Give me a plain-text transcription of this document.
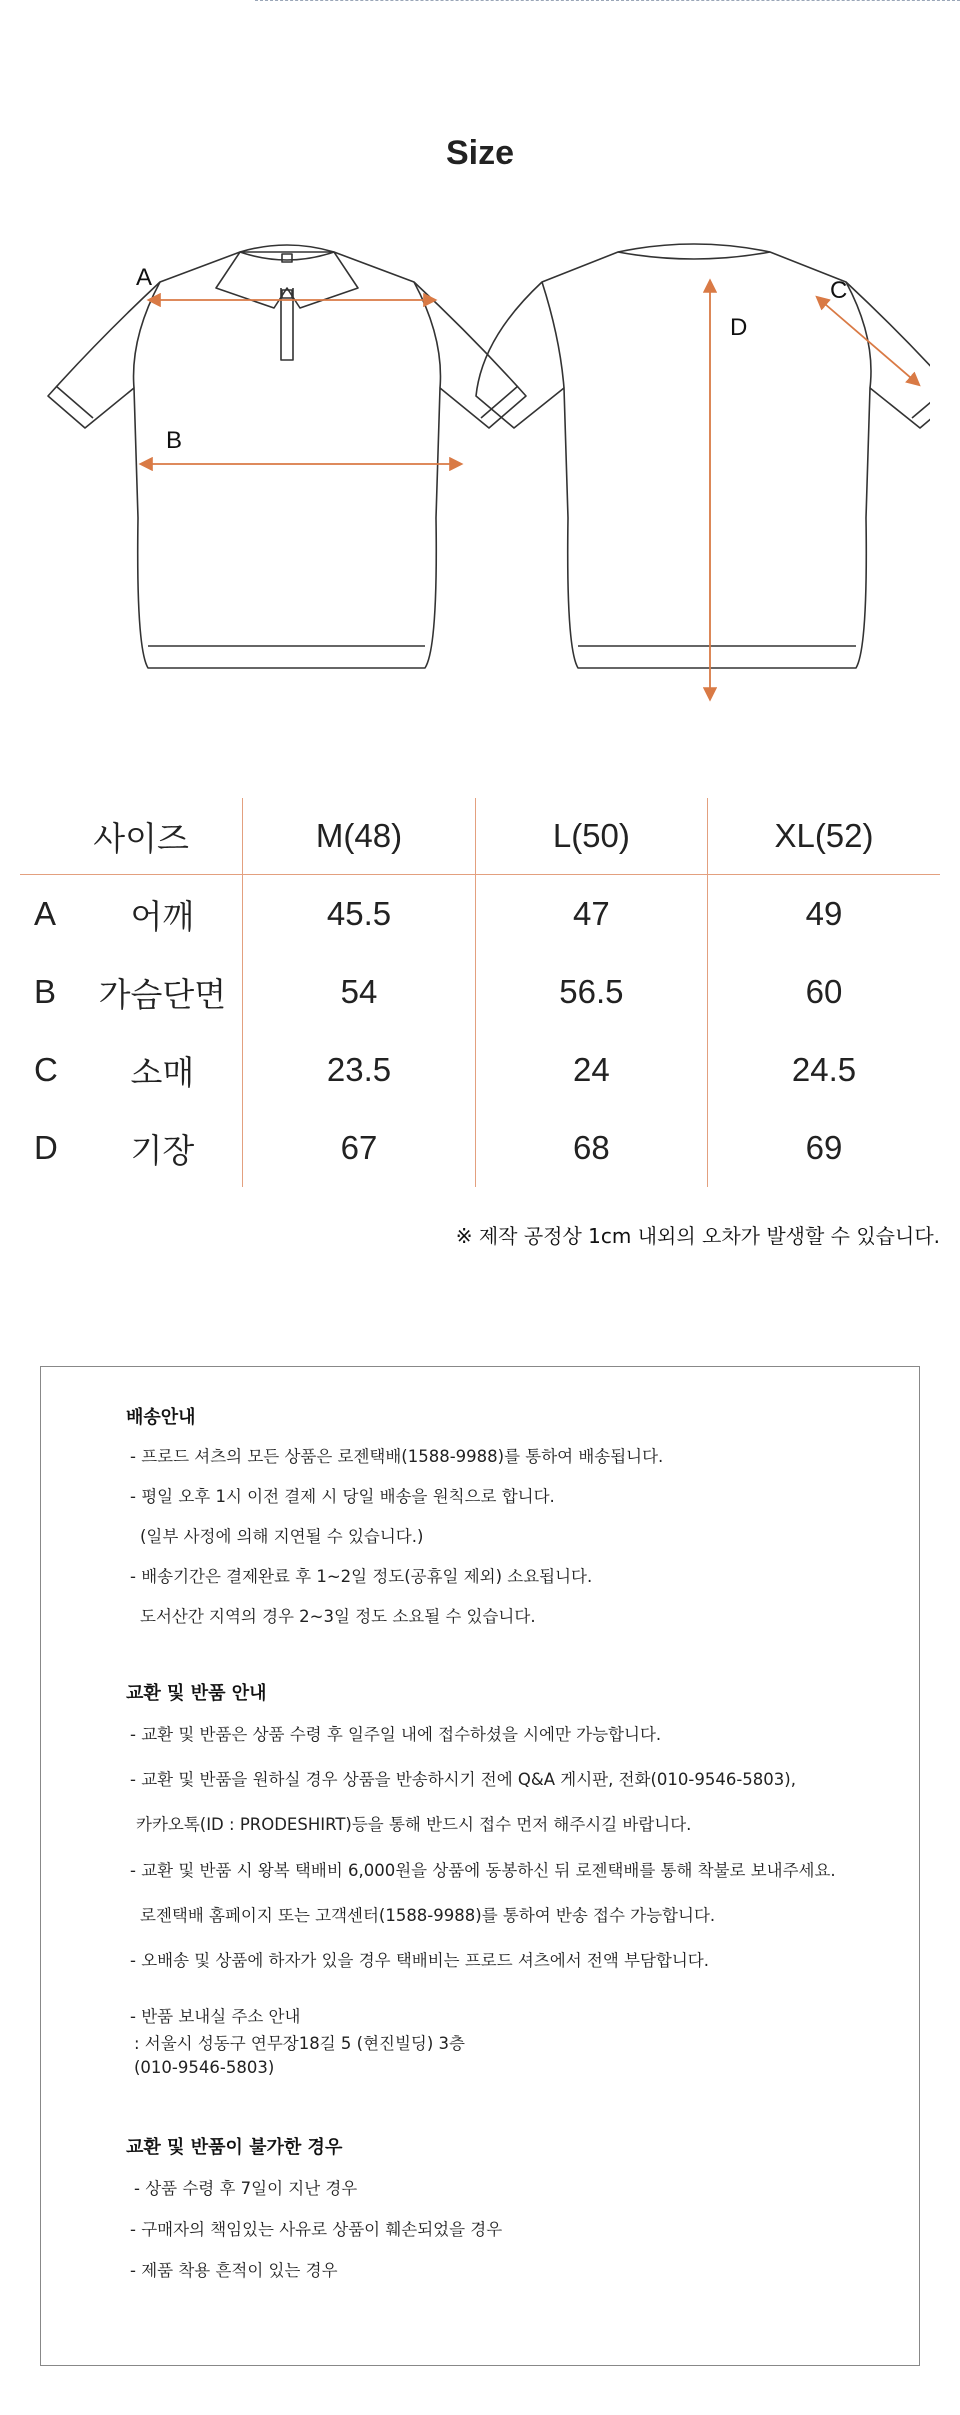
Size
A
B
C
D
사이즈		M(48)	L(50)	XL(52)
A	어깨	45.5	47	49
B	가슴단면	54	56.5	60
C	소매	23.5	24	24.5
D	기장	67	68	69
※ 제작 공정상 1cm 내외의 오차가 발생할 수 있습니다.
배송안내
- 프로드 셔츠의 모든 상품은 로젠택배(1588-9988)를 통하여 배송됩니다.
- 평일 오후 1시 이전 결제 시 당일 배송을 원칙으로 합니다.
(일부 사정에 의해 지연될 수 있습니다.)
- 배송기간은 결제완료 후 1~2일 정도(공휴일 제외) 소요됩니다.
도서산간 지역의 경우 2~3일 정도 소요될 수 있습니다.
교환 및 반품 안내
- 교환 및 반품은 상품 수령 후 일주일 내에 접수하셨을 시에만 가능합니다.
- 교환 및 반품을 원하실 경우 상품을 반송하시기 전에 Q&A 게시판, 전화(010-9546-5803),
카카오톡(ID : PRODESHIRT)등을 통해 반드시 접수 먼저 해주시길 바랍니다.
- 교환 및 반품 시 왕복 택배비 6,000원을 상품에 동봉하신 뒤 로젠택배를 통해 착불로 보내주세요.
로젠택배 홈페이지 또는 고객센터(1588-9988)를 통하여 반송 접수 가능합니다.
- 오배송 및 상품에 하자가 있을 경우 택배비는 프로드 셔츠에서 전액 부담합니다.
- 반품 보내실 주소 안내
: 서울시 성동구 연무장18길 5 (현진빌딩) 3층
(010-9546-5803)
교환 및 반품이 불가한 경우
- 상품 수령 후 7일이 지난 경우
- 구매자의 책임있는 사유로 상품이 훼손되었을 경우
- 제품 착용 흔적이 있는 경우
